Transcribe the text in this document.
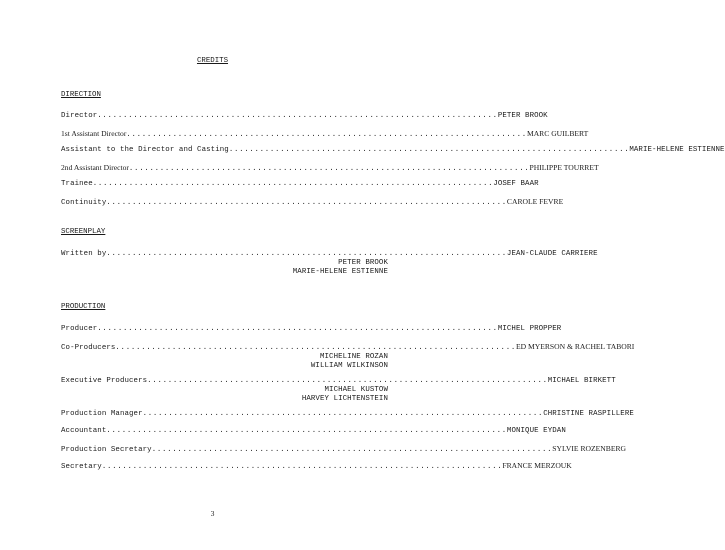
CREDITS
DIRECTION
Director .............................................................................. PETER BROOK
1st Assistant Director .............................................................................. MARC GUILBERT
Assistant to the Director and Casting .............................................................................. MARIE-HELENE ESTIENNE
2nd Assistant Director .............................................................................. PHILIPPE TOURRET
Trainee .............................................................................. JOSEF BAAR
Continuity .............................................................................. CAROLE FEVRE
SCREENPLAY
Written by .............................................................................. JEAN-CLAUDE CARRIERE
PETER BROOK
MARIE-HELENE ESTIENNE
PRODUCTION
Producer .............................................................................. MICHEL PROPPER
Co-Producers .............................................................................. ED MYERSON & RACHEL TABORI
MICHELINE ROZAN
WILLIAM WILKINSON
Executive Producers .............................................................................. MICHAEL BIRKETT
MICHAEL KUSTOW
HARVEY LICHTENSTEIN
Production Manager .............................................................................. CHRISTINE RASPILLERE
Accountant .............................................................................. MONIQUE EYDAN
Production Secretary .............................................................................. SYLVIE ROZENBERG
Secretary .............................................................................. FRANCE MERZOUK
3
